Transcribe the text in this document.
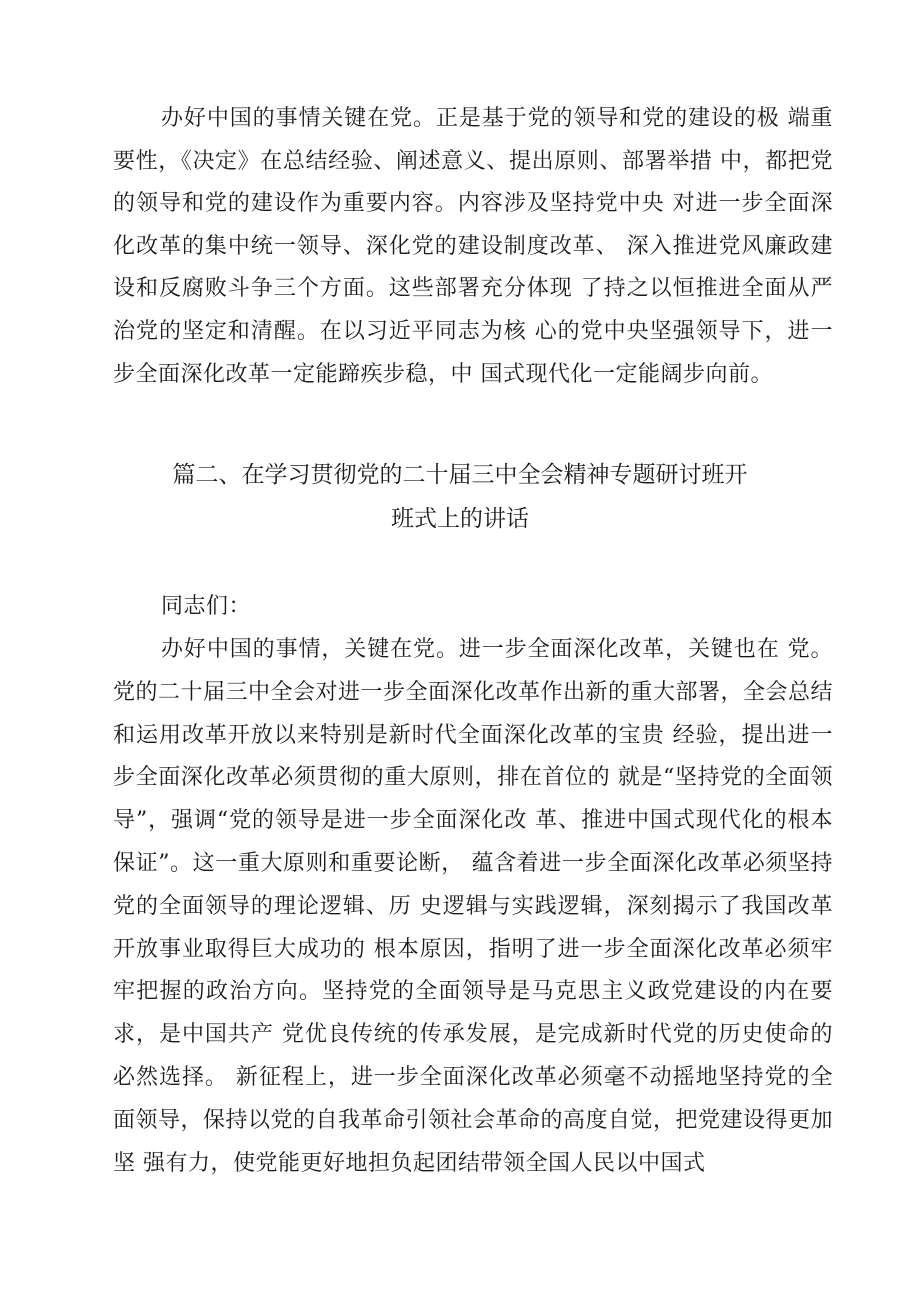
办好中国的事情关键在党。正是基于党的领导和党的建设的极 端重要性，《决定》在总结经验、阐述意义、提出原则、部署举措 中，都把党的领导和党的建设作为重要内容。内容涉及坚持党中央 对进一步全面深化改革的集中统一领导、深化党的建设制度改革、 深入推进党风廉政建设和反腐败斗争三个方面。这些部署充分体现 了持之以恒推进全面从严治党的坚定和清醒。在以习近平同志为核 心的党中央坚强领导下，进一步全面深化改革一定能蹄疾步稳，中 国式现代化一定能阔步向前。

篇二、在学习贯彻党的二十届三中全会精神专题研讨班开
班式上的讲话

同志们：

办好中国的事情，关键在党。进一步全面深化改革，关键也在 党。党的二十届三中全会对进一步全面深化改革作出新的重大部署，全会总结和运用改革开放以来特别是新时代全面深化改革的宝贵 经验，提出进一步全面深化改革必须贯彻的重大原则，排在首位的 就是“坚持党的全面领导”，强调“党的领导是进一步全面深化改 革、推进中国式现代化的根本保证”。这一重大原则和重要论断， 蕴含着进一步全面深化改革必须坚持党的全面领导的理论逻辑、历 史逻辑与实践逻辑，深刻揭示了我国改革开放事业取得巨大成功的 根本原因，指明了进一步全面深化改革必须牢牢把握的政治方向。坚持党的全面领导是马克思主义政党建设的内在要求，是中国共产 党优良传统的传承发展，是完成新时代党的历史使命的必然选择。 新征程上，进一步全面深化改革必须毫不动摇地坚持党的全面领导，保持以党的自我革命引领社会革命的高度自觉，把党建设得更加坚 强有力，使党能更好地担负起团结带领全国人民以中国式
